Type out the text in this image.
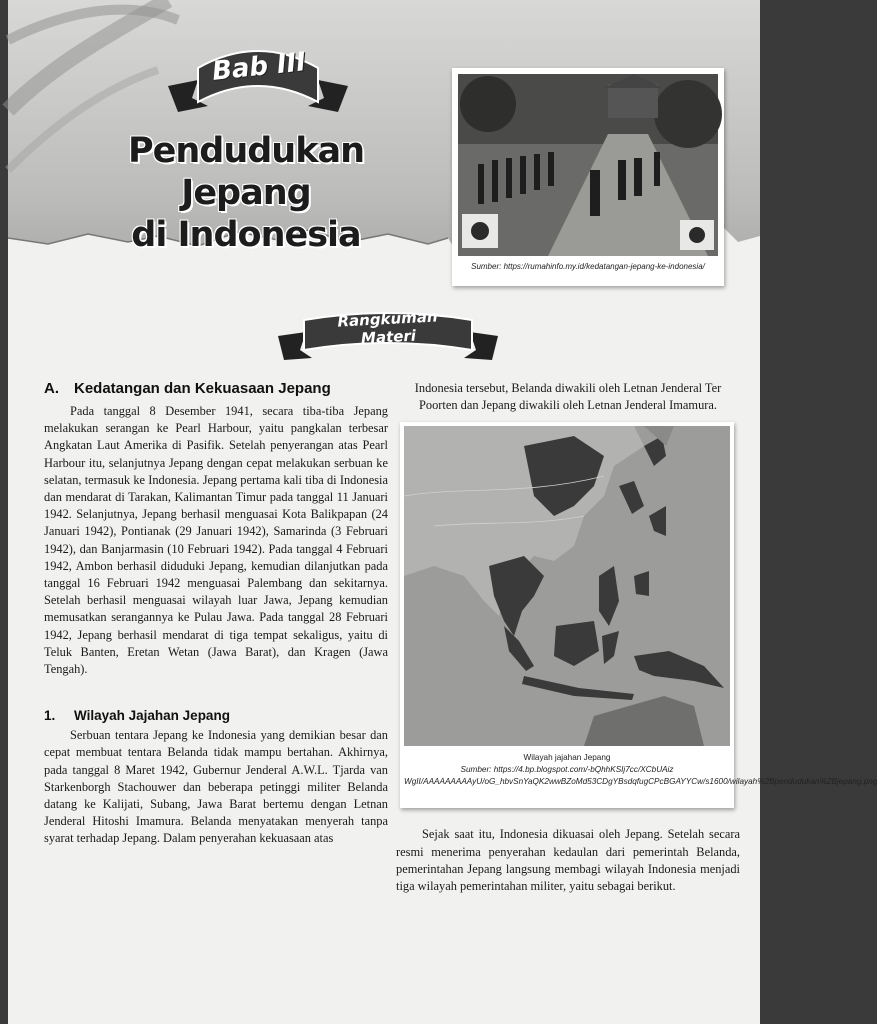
Bab III
Pendudukan Jepang
di Indonesia
Sumber: https://rumahinfo.my.id/kedatangan-jepang-ke-indonesia/
Rangkuman Materi
A. Kedatangan dan Kekuasaan Jepang

Pada tanggal 8 Desember 1941, secara tiba-tiba Jepang melakukan serangan ke Pearl Harbour, yaitu pangkalan terbesar Angkatan Laut Amerika di Pasifik. Setelah penyerangan atas Pearl Harbour itu, selanjutnya Jepang dengan cepat melakukan serbuan ke selatan, termasuk ke Indonesia. Jepang pertama kali tiba di Indonesia dan mendarat di Tarakan, Kalimantan Timur pada tanggal 11 Januari 1942. Selanjutnya, Jepang berhasil menguasai Kota Balikpapan (24 Januari 1942), Pontianak (29 Januari 1942), Samarinda (3 Februari 1942), dan Banjarmasin (10 Februari 1942). Pada tanggal 4 Februari 1942, Ambon berhasil diduduki Jepang, kemudian dilanjutkan pada tanggal 16 Februari 1942 menguasai Palembang dan sekitarnya. Setelah berhasil menguasai wilayah luar Jawa, Jepang kemudian memusatkan serangannya ke Pulau Jawa. Pada tanggal 28 Februari 1942, Jepang berhasil mendarat di tiga tempat sekaligus, yaitu di Teluk Banten, Eretan Wetan (Jawa Barat), dan Kragen (Jawa Tengah).

1. Wilayah Jajahan Jepang

Serbuan tentara Jepang ke Indonesia yang demikian besar dan cepat membuat tentara Belanda tidak mampu bertahan. Akhirnya, pada tanggal 8 Maret 1942, Gubernur Jenderal A.W.L. Tjarda van Starkenborgh Stachouwer dan beberapa petinggi militer Belanda datang ke Kalijati, Subang, Jawa Barat bertemu dengan Letnan Jenderal Hitoshi Imamura. Belanda menyatakan menyerah tanpa syarat terhadap Jepang. Dalam penyerahan kekuasaan atas

Indonesia tersebut, Belanda diwakili oleh Letnan Jenderal Ter Poorten dan Jepang diwakili oleh Letnan Jenderal Imamura.

Wilayah jajahan Jepang
Sumber: https://4.bp.blogspot.com/-bQhhKSIj7cc/XCbUAiz WgII/AAAAAAAAAyU/oG_hbvSnYaQK2wwBZoMd53CDgYBsdqfugCPcBGAYYCw/s1600/wilayah%2Bpendudukan%2Bjepang.png

Sejak saat itu, Indonesia dikuasai oleh Jepang. Setelah secara resmi menerima penyerahan kedaulan dari pemerintah Belanda, pemerintahan Jepang langsung membagi wilayah Indonesia menjadi tiga wilayah pemerintahan militer, yaitu sebagai berikut.
